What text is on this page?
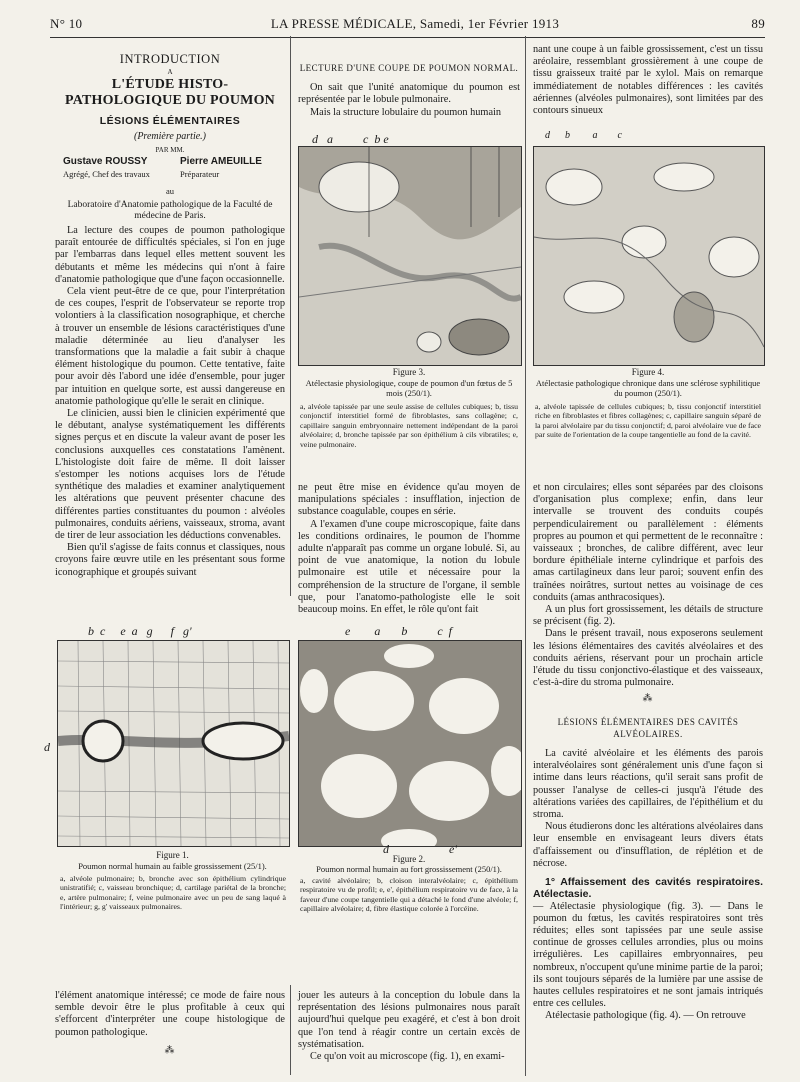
N° 10	LA PRESSE MÉDICALE, Samedi, 1er Février 1913	89
INTRODUCTION
A
L'ÉTUDE HISTO-PATHOLOGIQUE DU POUMON
LÉSIONS ÉLÉMENTAIRES
(Première partie.)
PAR MM.
Gustave ROUSSY
Agrégé, Chef des travaux
Pierre AMEUILLE
Préparateur
au
Laboratoire d'Anatomie pathologique de la Faculté de médecine de Paris.

La lecture des coupes de poumon pathologique paraît entourée de difficultés spéciales, si l'on en juge par l'embarras dans lequel elles mettent souvent les débutants et même les médecins qui n'ont à faire d'anatomie pathologique que d'une façon occasionnelle.

Cela vient peut-être de ce que, pour l'interprétation de ces coupes, l'esprit de l'observateur se reporte trop volontiers à la classification nosographique, et cherche à trouver un ensemble de lésions caractéristiques d'une maladie déterminée au lieu d'analyser les transformations que la maladie a fait subir à chaque élément histologique du poumon. Cette tentative, faite pour avoir dès l'abord une idée d'ensemble, pour juger par intuition en quelque sorte, est aussi dangereuse en anatomie pathologique qu'elle le serait en clinique.

Le clinicien, aussi bien le clinicien expérimenté que le débutant, analyse systématiquement les différents signes perçus et en discute la valeur avant de poser les conclusions auxquelles ces constatations l'amènent. L'histologiste doit faire de même. Il doit laisser s'estomper les notions acquises lors de l'étude synthétique des maladies et examiner analytiquement les altérations que peuvent présenter chacune des différentes parties constituantes du poumon : alvéoles pulmonaires, conduits aériens, vaisseaux, stroma, avant de tirer de leur association les déductions convenables.

Bien qu'il s'agisse de faits connus et classiques, nous croyons faire œuvre utile en les présentant sous forme iconographique et groupés suivant

LECTURE D'UNE COUPE DE POUMON NORMAL.

On sait que l'unité anatomique du poumon est représentée par le lobule pulmonaire.

Mais la structure lobulaire du poumon humain

d   a          c  b e
Figure 3.
Atélectasie physiologique, coupe de poumon d'un fœtus de 5 mois (250/1).
a, alvéole tapissée par une seule assise de cellules cubiques; b, tissu conjonctif interstitiel formé de fibroblastes, sans collagène; c, capillaire sanguin embryonnaire nettement indépendant de la paroi alvéolaire; d, bronche tapissée par son épithélium à cils vibratiles; e, veine pulmonaire.
d      b         a        c
Figure 4.
Atélectasie pathologique chronique dans une sclérose syphilitique du poumon (250/1).
a, alvéole tapissée de cellules cubiques; b, tissu conjonctif interstitiel riche en fibroblastes et fibres collagènes; c, capillaire sanguin séparé de la paroi alvéolaire par du tissu conjonctif; d, paroi alvéolaire vue de face par suite de l'orientation de la coupe tangentielle au fond de la cavité.

ne peut être mise en évidence qu'au moyen de manipulations spéciales : insufflation, injection de substance coagulable, coupes en série.

A l'examen d'une coupe microscopique, faite dans les conditions ordinaires, le poumon de l'homme adulte n'apparaît pas comme un organe lobulé. Si, au point de vue anatomique, la notion du lobule pulmonaire est utile et nécessaire pour la compréhension de la structure de l'organe, il semble que, pour l'anatomo-pathologiste elle le soit beaucoup moins. En effet, le rôle qu'ont fait

nant une coupe à un faible grossissement, c'est un tissu aréolaire, ressemblant grossièrement à une coupe de tissu graisseux traité par le xylol. Mais on remarque immédiatement de notables différences : les cavités aériennes (alvéoles pulmonaires), sont limitées par des contours sinueux

et non circulaires; elles sont séparées par des cloisons d'organisation plus complexe; enfin, dans leur intervalle se trouvent des conduits coupés perpendiculairement ou parallèlement : éléments propres au poumon et qui permettent de le reconnaître : vaisseaux ; bronches, de calibre différent, avec leur bordure épithéliale interne cylindrique et parfois des amas cartilagineux dans leur paroi; souvent enfin des traînées noirâtres, surtout nettes au voisinage de ces conduits (amas anthracosiques).

A un plus fort grossissement, les détails de structure se précisent (fig. 2).

Dans le présent travail, nous exposerons seulement les lésions élémentaires des cavités alvéolaires et des conduits aériens, réservant pour un prochain article l'étude du tissu conjonctivo-élastique et des vaisseaux, c'est-à-dire du stroma pulmonaire.

⁂
LÉSIONS ÉLÉMENTAIRES DES CAVITÉS ALVÉOLAIRES.

La cavité alvéolaire et les éléments des parois interalvéolaires sont généralement unis d'une façon si intime dans leurs réactions, qu'il serait sans profit de pousser l'analyse de celles-ci jusqu'à l'étude des altérations variées des capillaires, de l'épithélium et du stroma.

Nous étudierons donc les altérations alvéolaires dans leur ensemble en envisageant leurs divers états d'affaissement ou d'insufflation, de réplétion et de nécrose.

1° Affaissement des cavités respiratoires. Atélectasie.

— Atélectasie physiologique (fig. 3). — Dans le poumon du fœtus, les cavités respiratoires sont très réduites; elles sont tapissées par une seule assise continue de grosses cellules arrondies, plus ou moins irrégulières. Les capillaires embryonnaires, peu nombreux, n'occupent qu'une minime partie de la paroi; ils sont toujours séparés de la lumière par une assise de hautes cellules respiratoires et ne sont jamais intriqués entre ces cellules.

Atélectasie pathologique (fig. 4). — On retrouve

b  c     e  a   g      f   g'
d
Figure 1.
Poumon normal humain au faible grossissement (25/1).
a, alvéole pulmonaire; b, bronche avec son épithélium cylindrique unistratifié; c, vaisseau bronchique; d, cartilage pariétal de la bronche; e, artère pulmonaire; f, veine pulmonaire avec un peu de sang laqué à l'intérieur; g, g' vaisseaux pulmonaires.
e        a       b          c  f
d                    e'
Figure 2.
Poumon normal humain au fort grossissement (250/1).
a, cavité alvéolaire; b, cloison interalvéolaire; c, épithélium respiratoire vu de profil; e, e', épithélium respiratoire vu de face, à la faveur d'une coupe tangentielle qui a détaché le fond d'une alvéole; f, capillaire alvéolaire; d, fibre élastique colorée à l'orcéine.

l'élément anatomique intéressé; ce mode de faire nous semble devoir être le plus profitable à ceux qui s'efforcent d'interpréter une coupe histologique de poumon pathologique.

⁂

jouer les auteurs à la conception du lobule dans la représentation des lésions pulmonaires nous paraît aujourd'hui quelque peu exagéré, et c'est à bon droit que l'on tend à réagir contre un certain excès de systématisation.

Ce qu'on voit au microscope (fig. 1), en exami-
